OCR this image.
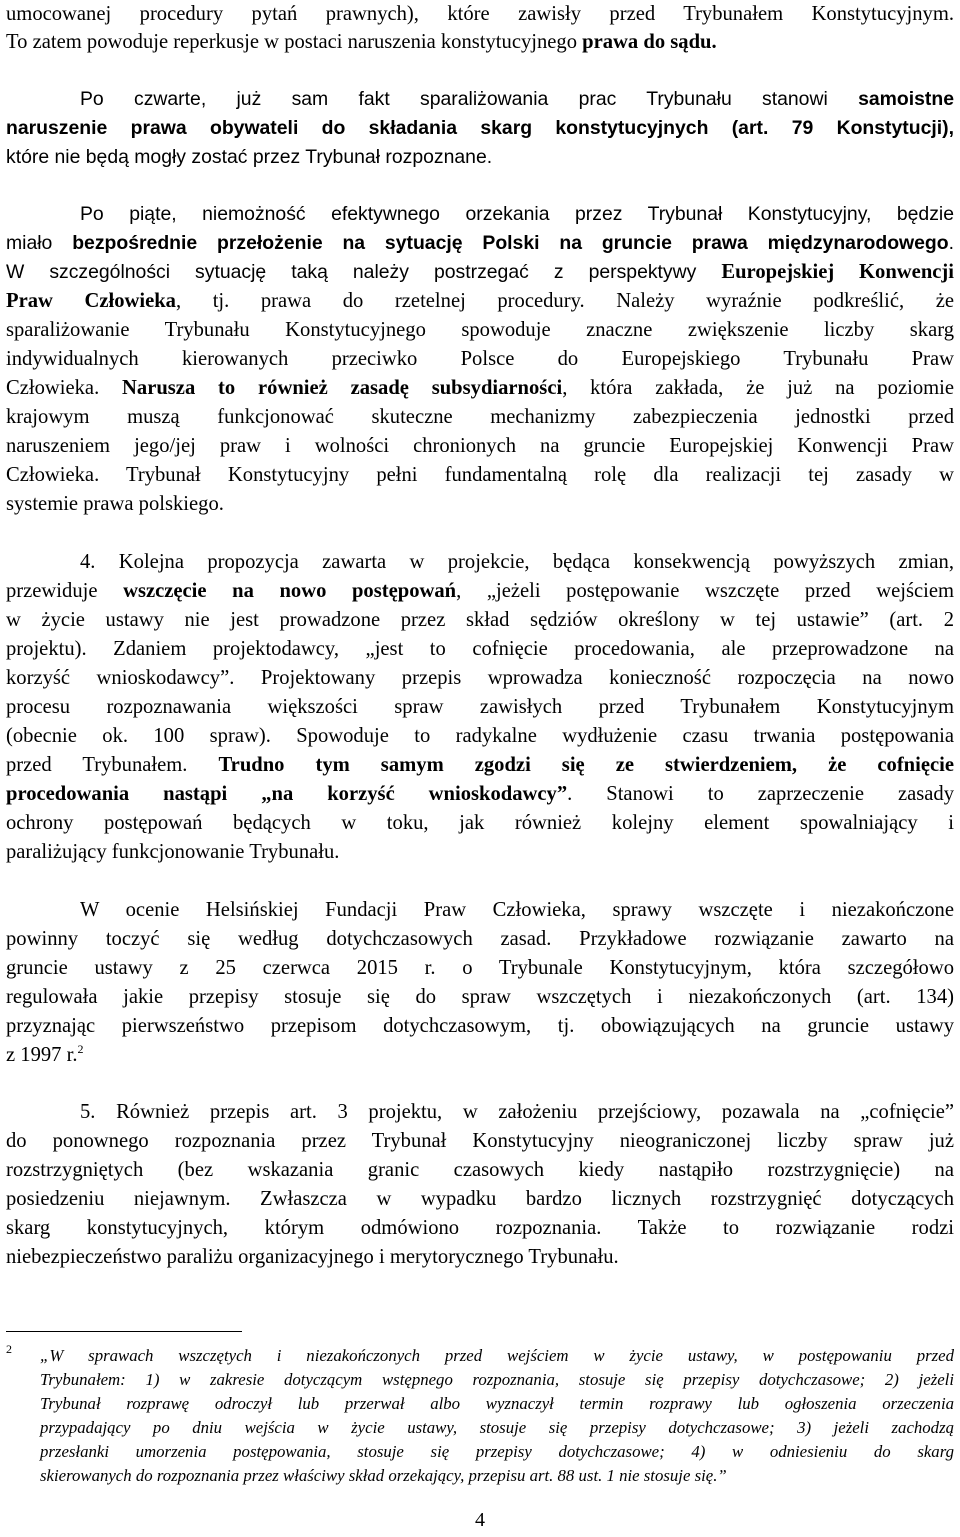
umocowanej procedury pytań prawnych), które zawisły przed Trybunałem Konstytucyjnym.
To zatem powoduje reperkusje w postaci naruszenia konstytucyjnego prawa do sądu.
Po czwarte, już sam fakt sparaliżowania prac Trybunału stanowi samoistne
naruszenie prawa obywateli do składania skarg konstytucyjnych (art. 79 Konstytucji),
które nie będą mogły zostać przez Trybunał rozpoznane.
Po piąte, niemożność efektywnego orzekania przez Trybunał Konstytucyjny, będzie
miało bezpośrednie przełożenie na sytuację Polski na gruncie prawa międzynarodowego.
W szczególności sytuację taką należy postrzegać z perspektywy Europejskiej Konwencji
Praw Człowieka, tj. prawa do rzetelnej procedury. Należy wyraźnie podkreślić, że
sparaliżowanie Trybunału Konstytucyjnego spowoduje znaczne zwiększenie liczby skarg
indywidualnych kierowanych przeciwko Polsce do Europejskiego Trybunału Praw
Człowieka. Narusza to również zasadę subsydiarności, która zakłada, że już na poziomie
krajowym muszą funkcjonować skuteczne mechanizmy zabezpieczenia jednostki przed
naruszeniem jego/jej praw i wolności chronionych na gruncie Europejskiej Konwencji Praw
Człowieka. Trybunał Konstytucyjny pełni fundamentalną rolę dla realizacji tej zasady w
systemie prawa polskiego.
4. Kolejna propozycja zawarta w projekcie, będąca konsekwencją powyższych zmian,
przewiduje wszczęcie na nowo postępowań, „jeżeli postępowanie wszczęte przed wejściem
w życie ustawy nie jest prowadzone przez skład sędziów określony w tej ustawie” (art. 2
projektu). Zdaniem projektodawcy, „jest to cofnięcie procedowania, ale przeprowadzone na
korzyść wnioskodawcy”. Projektowany przepis wprowadza konieczność rozpoczęcia na nowo
procesu rozpoznawania większości spraw zawisłych przed Trybunałem Konstytucyjnym
(obecnie ok. 100 spraw). Spowoduje to radykalne wydłużenie czasu trwania postępowania
przed Trybunałem. Trudno tym samym zgodzi się ze stwierdzeniem, że cofnięcie
procedowania nastąpi „na korzyść wnioskodawcy”. Stanowi to zaprzeczenie zasady
ochrony postępowań będących w toku, jak również kolejny element spowalniający i
paraliżujący funkcjonowanie Trybunału.
W ocenie Helsińskiej Fundacji Praw Człowieka, sprawy wszczęte i niezakończone
powinny toczyć się według dotychczasowych zasad. Przykładowe rozwiązanie zawarto na
gruncie ustawy z 25 czerwca 2015 r. o Trybunale Konstytucyjnym, która szczegółowo
regulowała jakie przepisy stosuje się do spraw wszczętych i niezakończonych (art. 134)
przyznając pierwszeństwo przepisom dotychczasowym, tj. obowiązujących na gruncie ustawy
z 1997 r.$^2$
5. Również przepis art. 3 projektu, w założeniu przejściowy, pozawala na „cofnięcie”
do ponownego rozpoznania przez Trybunał Konstytucyjny nieograniczonej liczby spraw już
rozstrzygniętych (bez wskazania granic czasowych kiedy nastąpiło rozstrzygnięcie) na
posiedzeniu niejawnym. Zwłaszcza w wypadku bardzo licznych rozstrzygnięć dotyczących
skarg konstytucyjnych, którym odmówiono rozpoznania. Także to rozwiązanie rodzi
niebezpieczeństwo paraliżu organizacyjnego i merytorycznego Trybunału.
2 „W sprawach wszczętych i niezakończonych przed wejściem w życie ustawy, w postępowaniu przed
Trybunałem: 1) w zakresie dotyczącym wstępnego rozpoznania, stosuje się przepisy dotychczasowe; 2) jeżeli
Trybunał rozprawę odroczył lub przerwał albo wyznaczył termin rozprawy lub ogłoszenia orzeczenia
przypadający po dniu wejścia w życie ustawy, stosuje się przepisy dotychczasowe; 3) jeżeli zachodzą
przesłanki umorzenia postępowania, stosuje się przepisy dotychczasowe; 4) w odniesieniu do skarg
skierowanych do rozpoznania przez właściwy skład orzekający, przepisu art. 88 ust. 1 nie stosuje się.”
4
